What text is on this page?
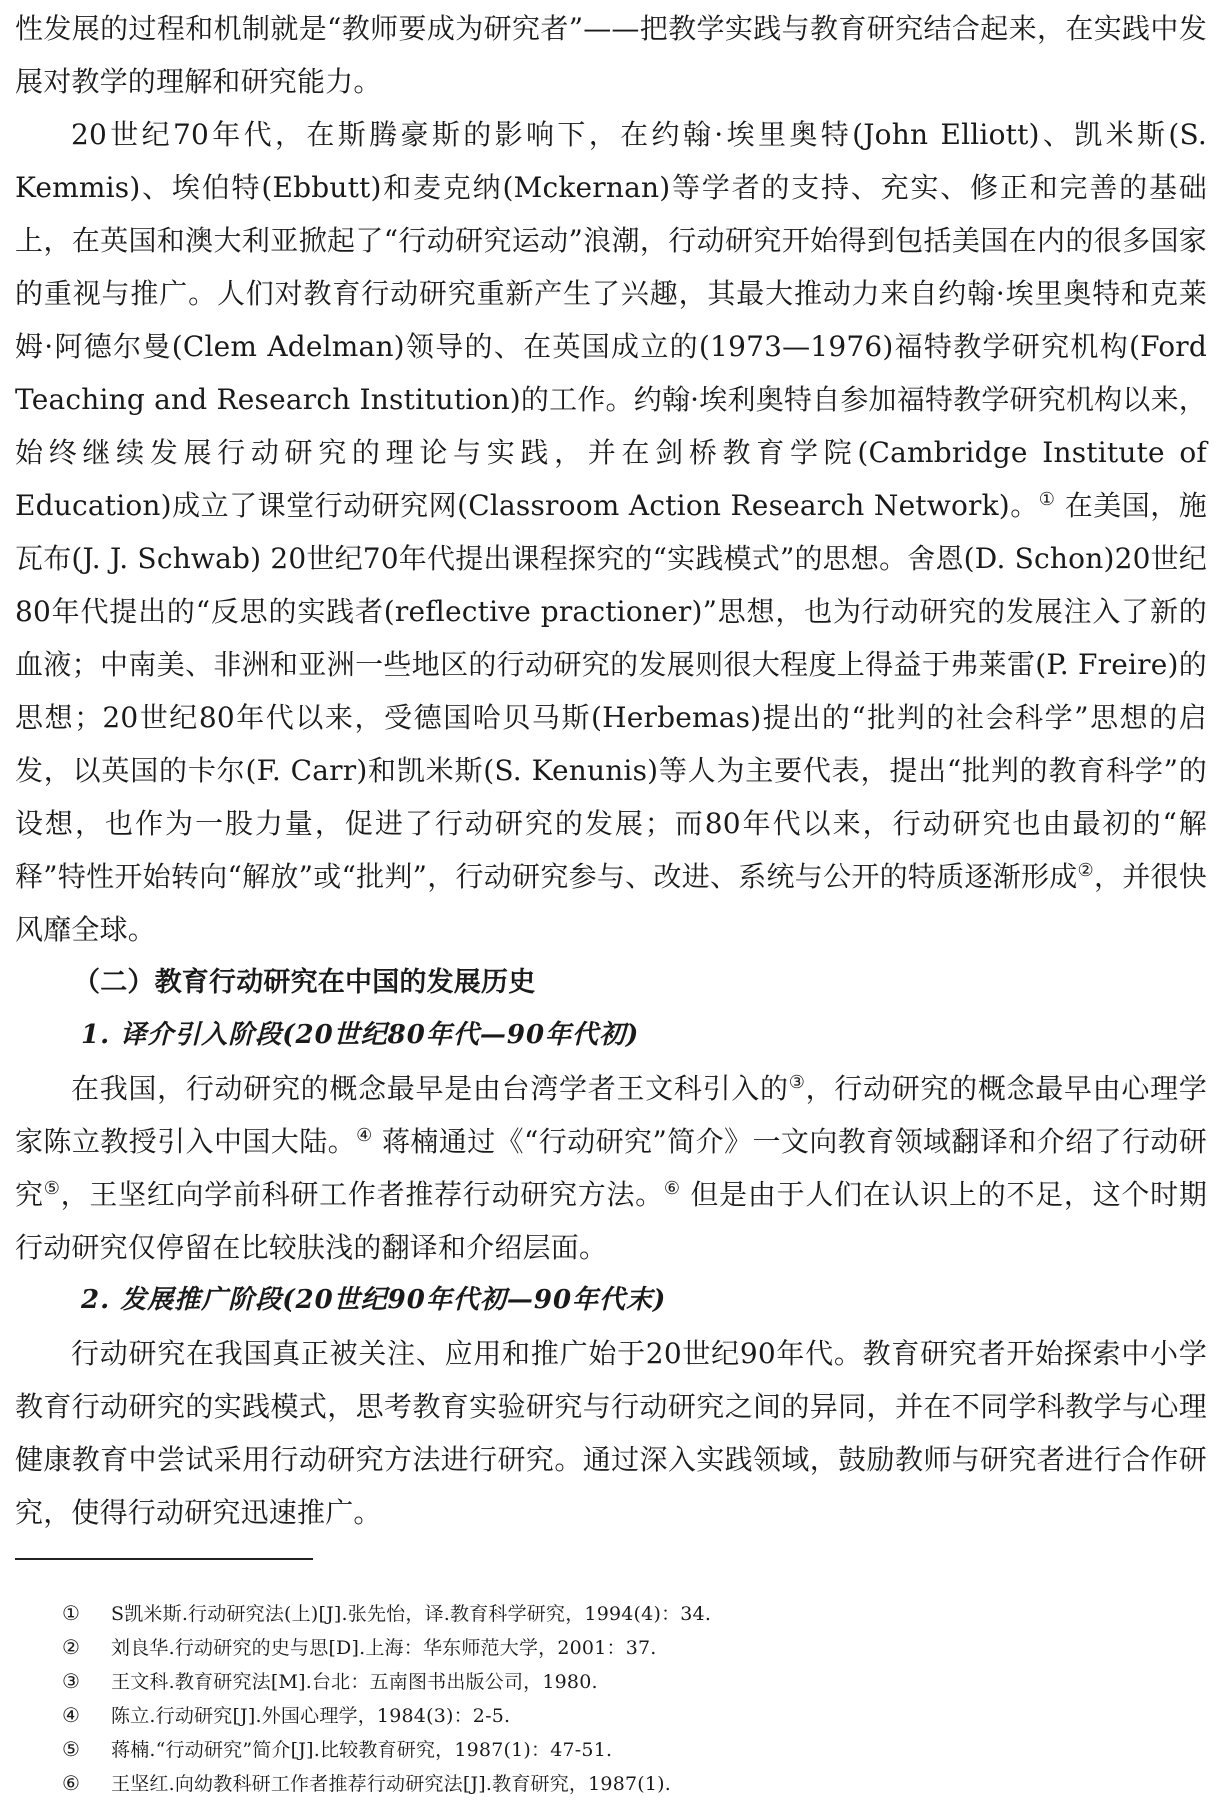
性发展的过程和机制就是“教师要成为研究者”——把教学实践与教育研究结合起来，在实践中发展对教学的理解和研究能力。

20世纪70年代，在斯腾豪斯的影响下，在约翰·埃里奥特(John Elliott)、凯米斯(S. Kemmis)、埃伯特(Ebbutt)和麦克纳(Mckernan)等学者的支持、充实、修正和完善的基础上，在英国和澳大利亚掀起了“行动研究运动”浪潮，行动研究开始得到包括美国在内的很多国家的重视与推广。人们对教育行动研究重新产生了兴趣，其最大推动力来自约翰·埃里奥特和克莱姆·阿德尔曼(Clem Adelman)领导的、在英国成立的(1973—1976)福特教学研究机构(Ford Teaching and Research Institution)的工作。约翰·埃利奥特自参加福特教学研究机构以来，始终继续发展行动研究的理论与实践，并在剑桥教育学院(Cambridge Institute of Education)成立了课堂行动研究网(Classroom Action Research Network)。① 在美国，施瓦布(J. J. Schwab) 20世纪70年代提出课程探究的“实践模式”的思想。舍恩(D. Schon)20世纪80年代提出的“反思的实践者(reflective practioner)”思想，也为行动研究的发展注入了新的血液；中南美、非洲和亚洲一些地区的行动研究的发展则很大程度上得益于弗莱雷(P. Freire)的思想；20世纪80年代以来，受德国哈贝马斯(Herbemas)提出的“批判的社会科学”思想的启发，以英国的卡尔(F. Carr)和凯米斯(S. Kenunis)等人为主要代表，提出“批判的教育科学”的设想，也作为一股力量，促进了行动研究的发展；而80年代以来，行动研究也由最初的“解释”特性开始转向“解放”或“批判”，行动研究参与、改进、系统与公开的特质逐渐形成②，并很快风靡全球。

（二）教育行动研究在中国的发展历史
1. 译介引入阶段(20世纪80年代—90年代初)

在我国，行动研究的概念最早是由台湾学者王文科引入的③，行动研究的概念最早由心理学家陈立教授引入中国大陆。④ 蒋楠通过《“行动研究”简介》一文向教育领域翻译和介绍了行动研究⑤，王坚红向学前科研工作者推荐行动研究方法。⑥ 但是由于人们在认识上的不足，这个时期行动研究仅停留在比较肤浅的翻译和介绍层面。

2. 发展推广阶段(20世纪90年代初—90年代末)

行动研究在我国真正被关注、应用和推广始于20世纪90年代。教育研究者开始探索中小学教育行动研究的实践模式，思考教育实验研究与行动研究之间的异同，并在不同学科教学与心理健康教育中尝试采用行动研究方法进行研究。通过深入实践领域，鼓励教师与研究者进行合作研究，使得行动研究迅速推广。

①	S凯米斯.行动研究法(上)[J].张先怡，译.教育科学研究，1994(4)：34.
②	刘良华.行动研究的史与思[D].上海：华东师范大学，2001：37.
③	王文科.教育研究法[M].台北：五南图书出版公司，1980.
④	陈立.行动研究[J].外国心理学，1984(3)：2-5.
⑤	蒋楠.“行动研究”简介[J].比较教育研究，1987(1)：47-51.
⑥	王坚红.向幼教科研工作者推荐行动研究法[J].教育研究，1987(1).
